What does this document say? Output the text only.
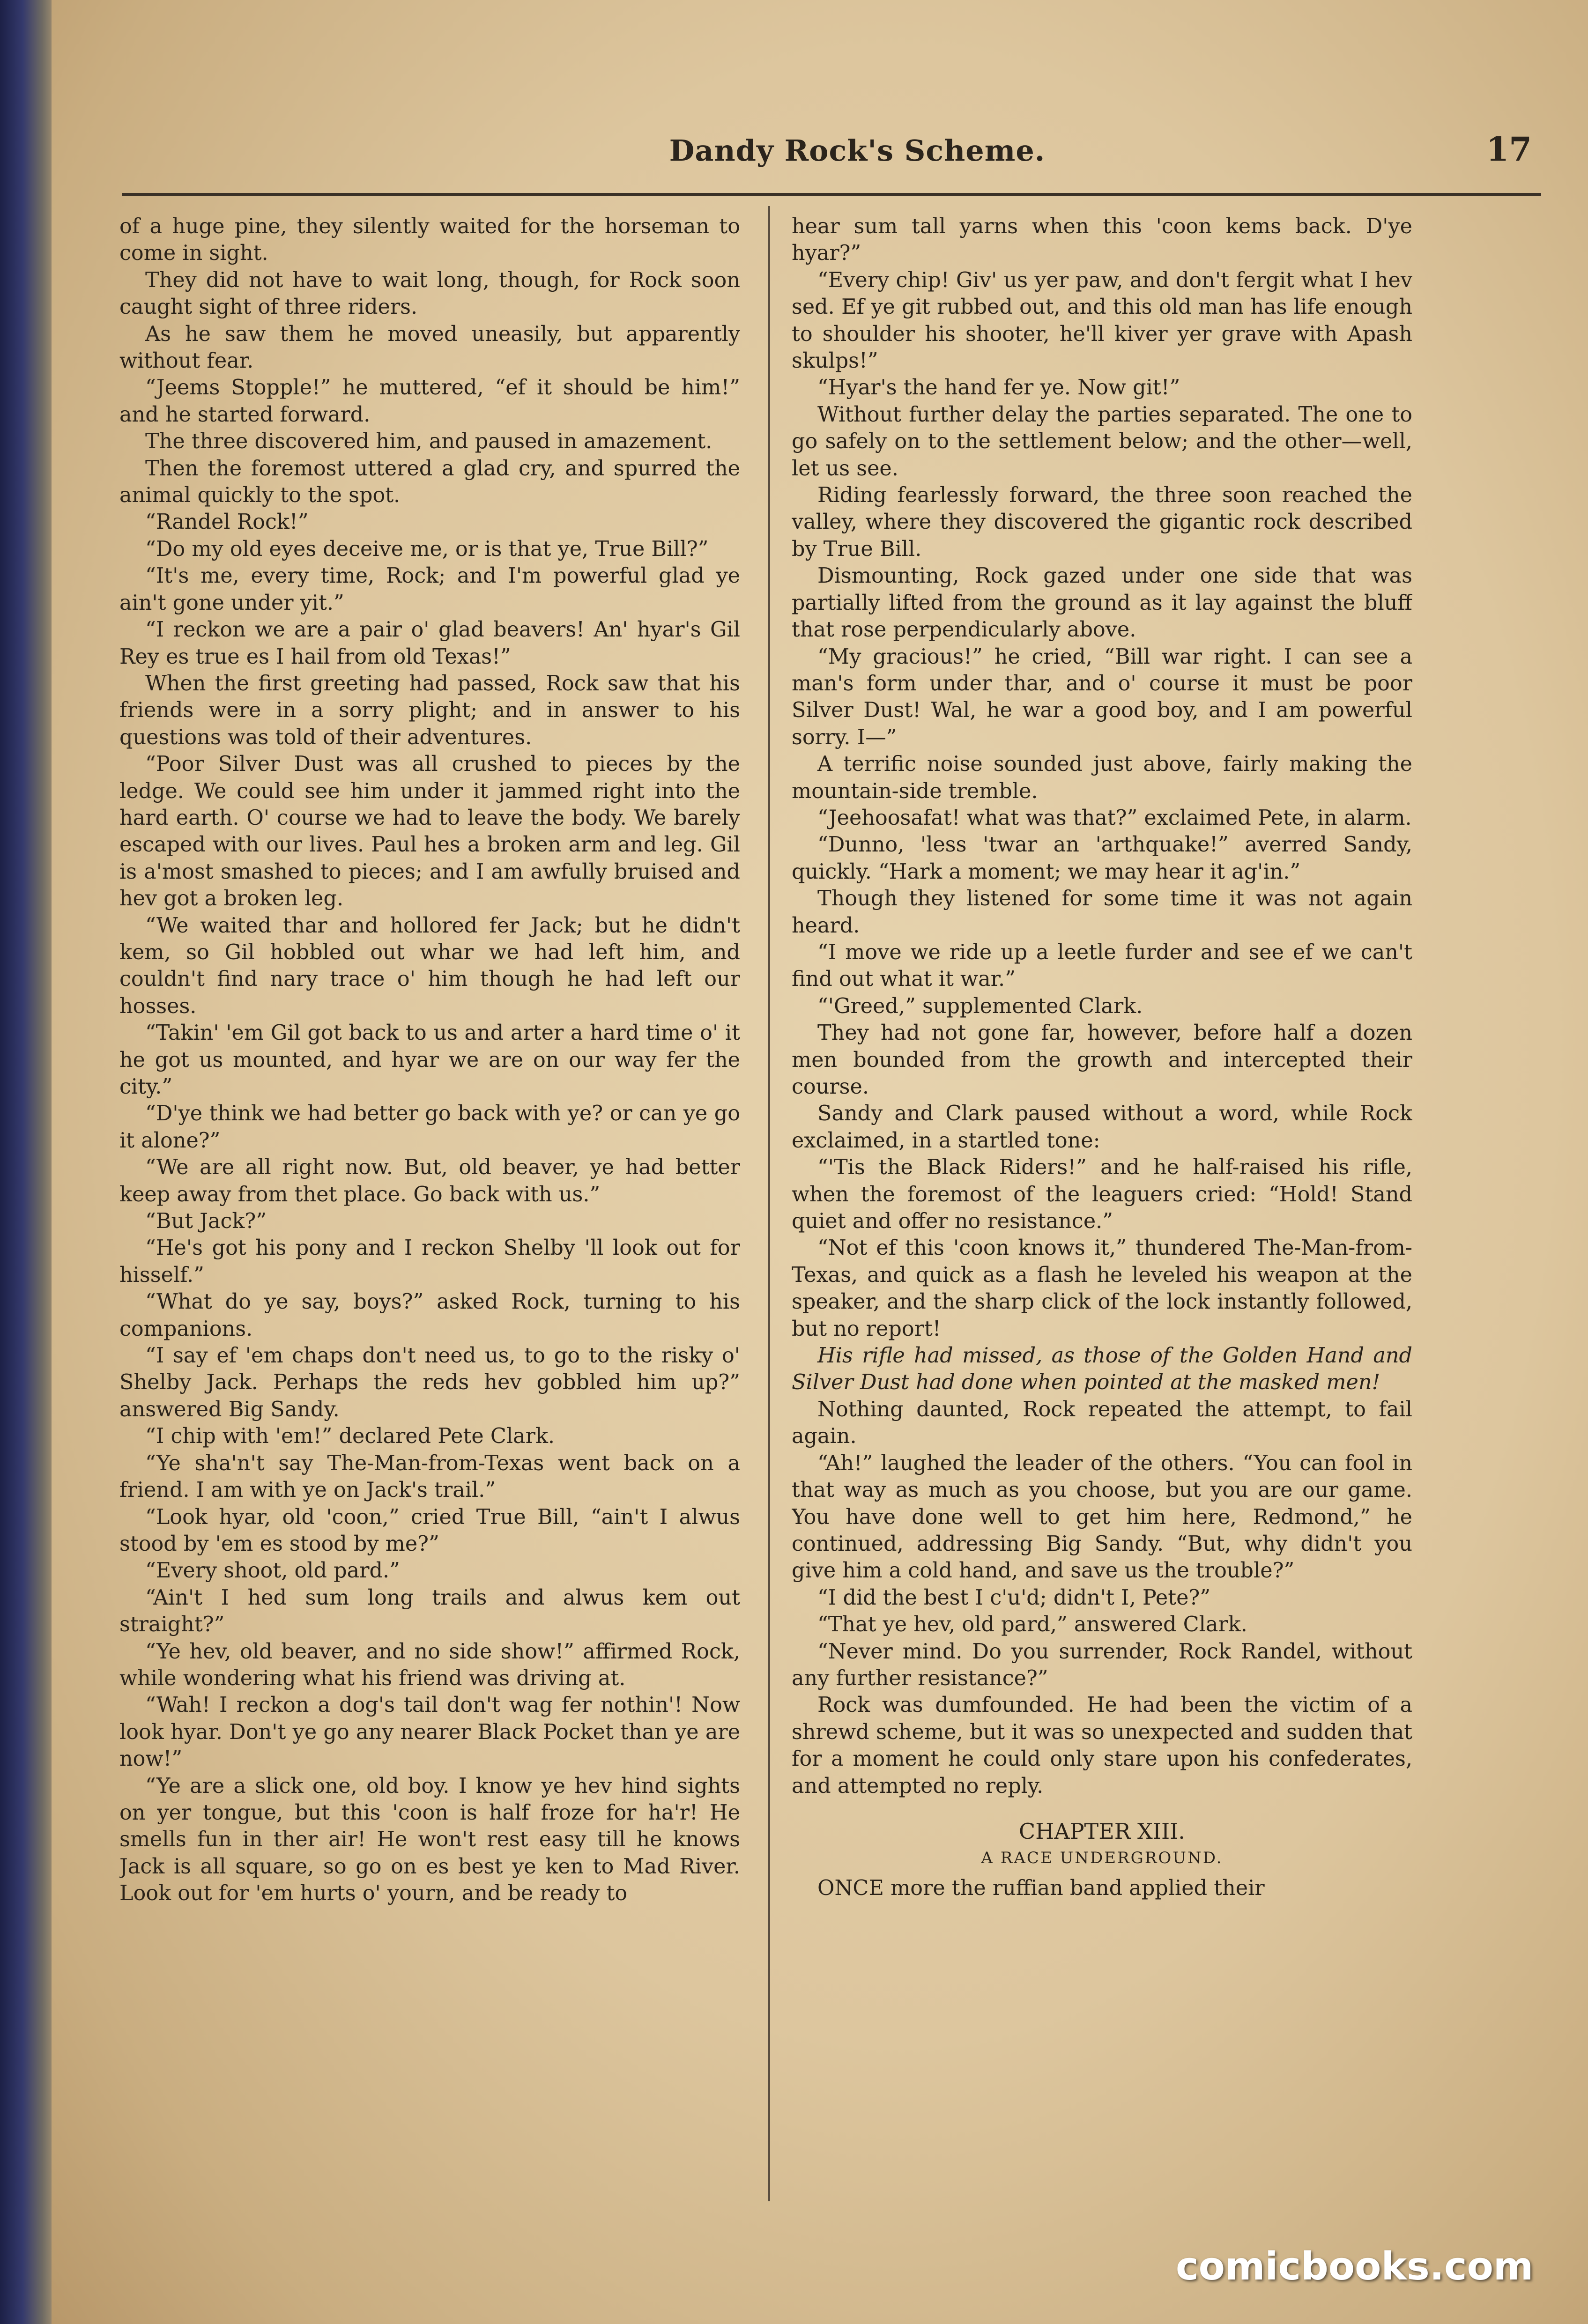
Dandy Rock's Scheme.	17

of a huge pine, they silently waited for the horseman to come in sight.

They did not have to wait long, though, for Rock soon caught sight of three riders.

As he saw them he moved uneasily, but apparently without fear.

“Jeems Stopple!” he muttered, “ef it should be him!” and he started forward.

The three discovered him, and paused in amazement.

Then the foremost uttered a glad cry, and spurred the animal quickly to the spot.

“Randel Rock!”

“Do my old eyes deceive me, or is that ye, True Bill?”

“It's me, every time, Rock; and I'm powerful glad ye ain't gone under yit.”

“I reckon we are a pair o' glad beavers! An' hyar's Gil Rey es true es I hail from old Texas!”

When the first greeting had passed, Rock saw that his friends were in a sorry plight; and in answer to his questions was told of their adventures.

“Poor Silver Dust was all crushed to pieces by the ledge. We could see him under it jammed right into the hard earth. O' course we had to leave the body. We barely escaped with our lives. Paul hes a broken arm and leg. Gil is a'most smashed to pieces; and I am awfully bruised and hev got a broken leg.

“We waited thar and hollored fer Jack; but he didn't kem, so Gil hobbled out whar we had left him, and couldn't find nary trace o' him though he had left our hosses.

“Takin' 'em Gil got back to us and arter a hard time o' it he got us mounted, and hyar we are on our way fer the city.”

“D'ye think we had better go back with ye? or can ye go it alone?”

“We are all right now. But, old beaver, ye had better keep away from thet place. Go back with us.”

“But Jack?”

“He's got his pony and I reckon Shelby 'll look out for hisself.”

“What do ye say, boys?” asked Rock, turning to his companions.

“I say ef 'em chaps don't need us, to go to the risky o' Shelby Jack. Perhaps the reds hev gobbled him up?” answered Big Sandy.

“I chip with 'em!” declared Pete Clark.

“Ye sha'n't say The-Man-from-Texas went back on a friend. I am with ye on Jack's trail.”

“Look hyar, old 'coon,” cried True Bill, “ain't I alwus stood by 'em es stood by me?”

“Every shoot, old pard.”

“Ain't I hed sum long trails and alwus kem out straight?”

“Ye hev, old beaver, and no side show!” affirmed Rock, while wondering what his friend was driving at.

“Wah! I reckon a dog's tail don't wag fer nothin'! Now look hyar. Don't ye go any nearer Black Pocket than ye are now!”

“Ye are a slick one, old boy. I know ye hev hind sights on yer tongue, but this 'coon is half froze for ha'r! He smells fun in ther air! He won't rest easy till he knows Jack is all square, so go on es best ye ken to Mad River. Look out for 'em hurts o' yourn, and be ready to

hear sum tall yarns when this 'coon kems back. D'ye hyar?”

“Every chip! Giv' us yer paw, and don't fergit what I hev sed. Ef ye git rubbed out, and this old man has life enough to shoulder his shooter, he'll kiver yer grave with Apash skulps!”

“Hyar's the hand fer ye. Now git!”

Without further delay the parties separated. The one to go safely on to the settlement below; and the other—well, let us see.

Riding fearlessly forward, the three soon reached the valley, where they discovered the gigantic rock described by True Bill.

Dismounting, Rock gazed under one side that was partially lifted from the ground as it lay against the bluff that rose perpendicularly above.

“My gracious!” he cried, “Bill war right. I can see a man's form under thar, and o' course it must be poor Silver Dust! Wal, he war a good boy, and I am powerful sorry. I—”

A terrific noise sounded just above, fairly making the mountain-side tremble.

“Jeehoosafat! what was that?” exclaimed Pete, in alarm.

“Dunno, 'less 'twar an 'arthquake!” averred Sandy, quickly. “Hark a moment; we may hear it ag'in.”

Though they listened for some time it was not again heard.

“I move we ride up a leetle furder and see ef we can't find out what it war.”

“'Greed,” supplemented Clark.

They had not gone far, however, before half a dozen men bounded from the growth and intercepted their course.

Sandy and Clark paused without a word, while Rock exclaimed, in a startled tone:

“'Tis the Black Riders!” and he half-raised his rifle, when the foremost of the leaguers cried: “Hold! Stand quiet and offer no resistance.”

“Not ef this 'coon knows it,” thundered The-Man-from-Texas, and quick as a flash he leveled his weapon at the speaker, and the sharp click of the lock instantly followed, but no report!

His rifle had missed, as those of the Golden Hand and Silver Dust had done when pointed at the masked men!

Nothing daunted, Rock repeated the attempt, to fail again.

“Ah!” laughed the leader of the others. “You can fool in that way as much as you choose, but you are our game. You have done well to get him here, Redmond,” he continued, addressing Big Sandy. “But, why didn't you give him a cold hand, and save us the trouble?”

“I did the best I c'u'd; didn't I, Pete?”

“That ye hev, old pard,” answered Clark.

“Never mind. Do you surrender, Rock Randel, without any further resistance?”

Rock was dumfounded. He had been the victim of a shrewd scheme, but it was so unexpected and sudden that for a moment he could only stare upon his confederates, and attempted no reply.

CHAPTER XIII.

A RACE UNDERGROUND.

ONCE more the ruffian band applied their

comicbooks.com
